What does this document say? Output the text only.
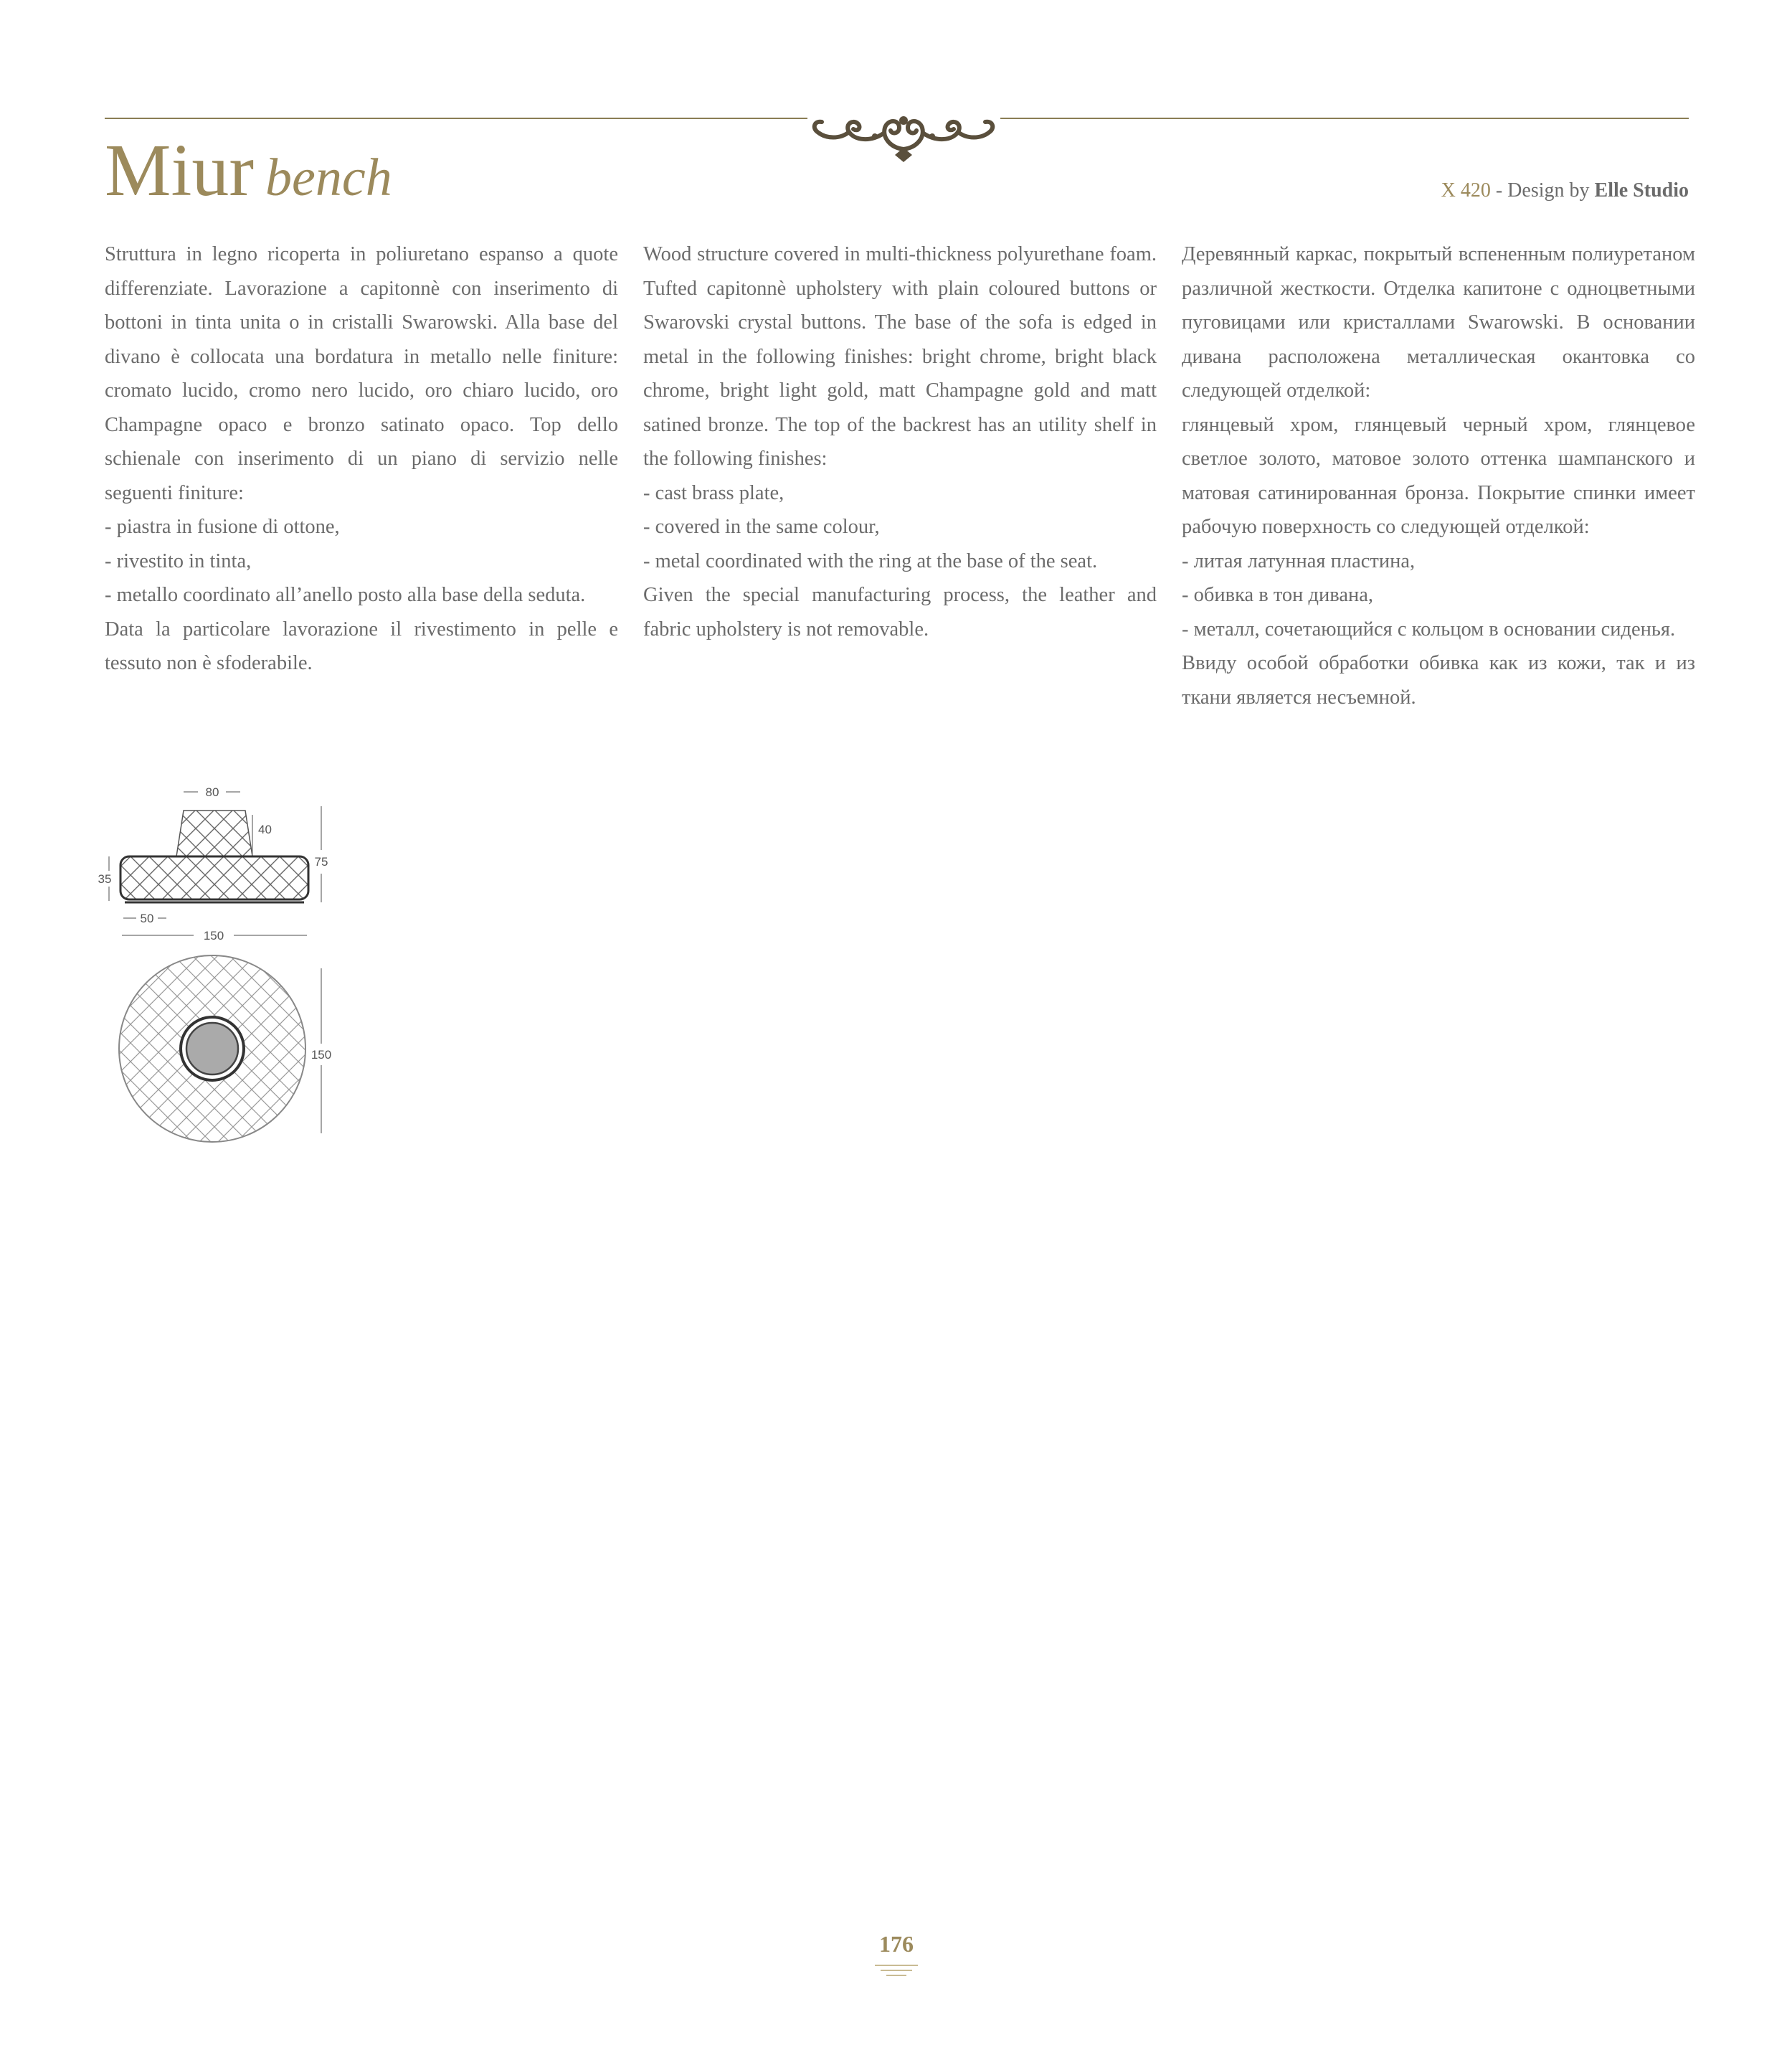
Miur bench	X 420 - Design by Elle Studio

Struttura in legno ricoperta in poliuretano espanso a quote differenziate. Lavorazione a capitonnè con inserimento di bottoni in tinta unita o in cristalli Swarowski. Alla base del divano è collocata una bordatura in metallo nelle finiture: cromato lucido, cromo nero lucido, oro chiaro lucido, oro Champagne opaco e bronzo satinato opaco. Top dello schienale con inserimento di un piano di servizio nelle seguenti finiture:

- piastra in fusione di ottone,

- rivestito in tinta,

- metallo coordinato all’anello posto alla base della seduta.

Data la particolare lavorazione il rivestimento in pelle e tessuto non è sfoderabile.

Wood structure covered in multi-thickness polyurethane foam. Tufted capitonnè upholstery with plain coloured buttons or Swarovski crystal buttons. The base of the sofa is edged in metal in the following finishes: bright chrome, bright black chrome, bright light gold, matt Champagne gold and matt satined bronze. The top of the backrest has an utility shelf in the following finishes:

- cast brass plate,

- covered in the same colour,

- metal coordinated with the ring at the base of the seat.

Given the special manufacturing process, the leather and fabric upholstery is not removable.

Деревянный каркас, покрытый вспененным полиуретаном различной жесткости. Отделка капитоне с одноцветными пуговицами или кристаллами Swarowski. В основании дивана расположена металлическая окантовка со следующей отделкой:

глянцевый хром, глянцевый черный хром, глянцевое светлое золото, матовое золото оттенка шампанского и матовая сатинированная бронза. Покрытие спинки имеет рабочую поверхность со следующей отделкой:

- литая латунная пластина,

- обивка в тон дивана,

- металл, сочетающийся с кольцом в основании сиденья.

Ввиду особой обработки обивка как из кожи, так и из ткани является несъемной.

80
40
75
35
50
150
150
176
